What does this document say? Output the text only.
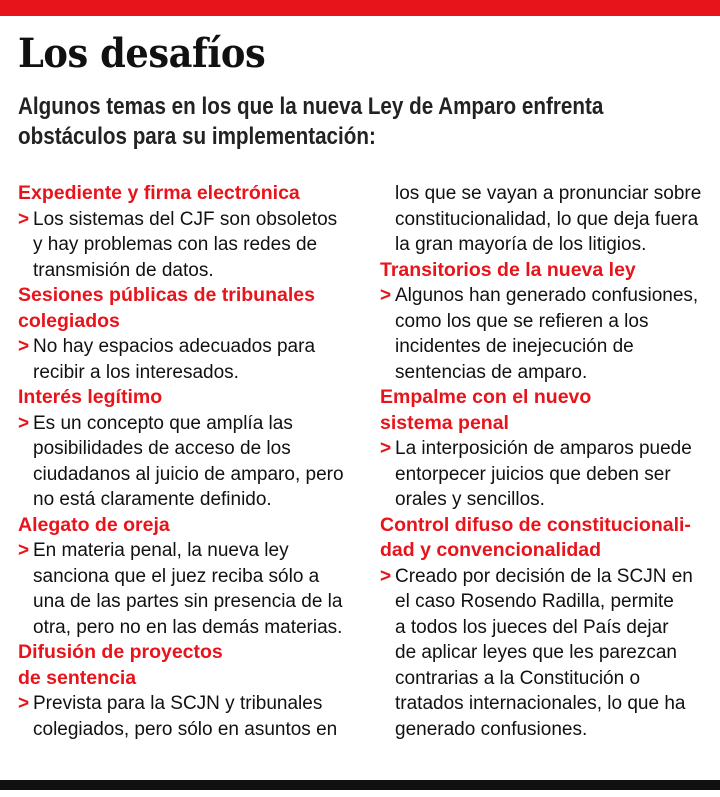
Los desafíos
Algunos temas en los que la nueva Ley de Amparo enfrenta
obstáculos para su implementación:

Expediente y firma electrónica

> Los sistemas del CJF son obsoletos
y hay problemas con las redes de
transmisión de datos.

Sesiones públicas de tribunales
colegiados

> No hay espacios adecuados para
recibir a los interesados.

Interés legítimo

> Es un concepto que amplía las
posibilidades de acceso de los
ciudadanos al juicio de amparo, pero
no está claramente definido.

Alegato de oreja

> En materia penal, la nueva ley
sanciona que el juez reciba sólo a
una de las partes sin presencia de la
otra, pero no en las demás materias.

Difusión de proyectos
de sentencia

> Prevista para la SCJN y tribunales
colegiados, pero sólo en asuntos en
los que se vayan a pronunciar sobre
constitucionalidad, lo que deja fuera
la gran mayoría de los litigios.

Transitorios de la nueva ley

> Algunos han generado confusiones,
como los que se refieren a los
incidentes de inejecución de
sentencias de amparo.

Empalme con el nuevo
sistema penal

> La interposición de amparos puede
entorpecer juicios que deben ser
orales y sencillos.

Control difuso de constitucionali-
dad y convencionalidad

> Creado por decisión de la SCJN en
el caso Rosendo Radilla, permite
a todos los jueces del País dejar
de aplicar leyes que les parezcan
contrarias a la Constitución o
tratados internacionales, lo que ha
generado confusiones.
